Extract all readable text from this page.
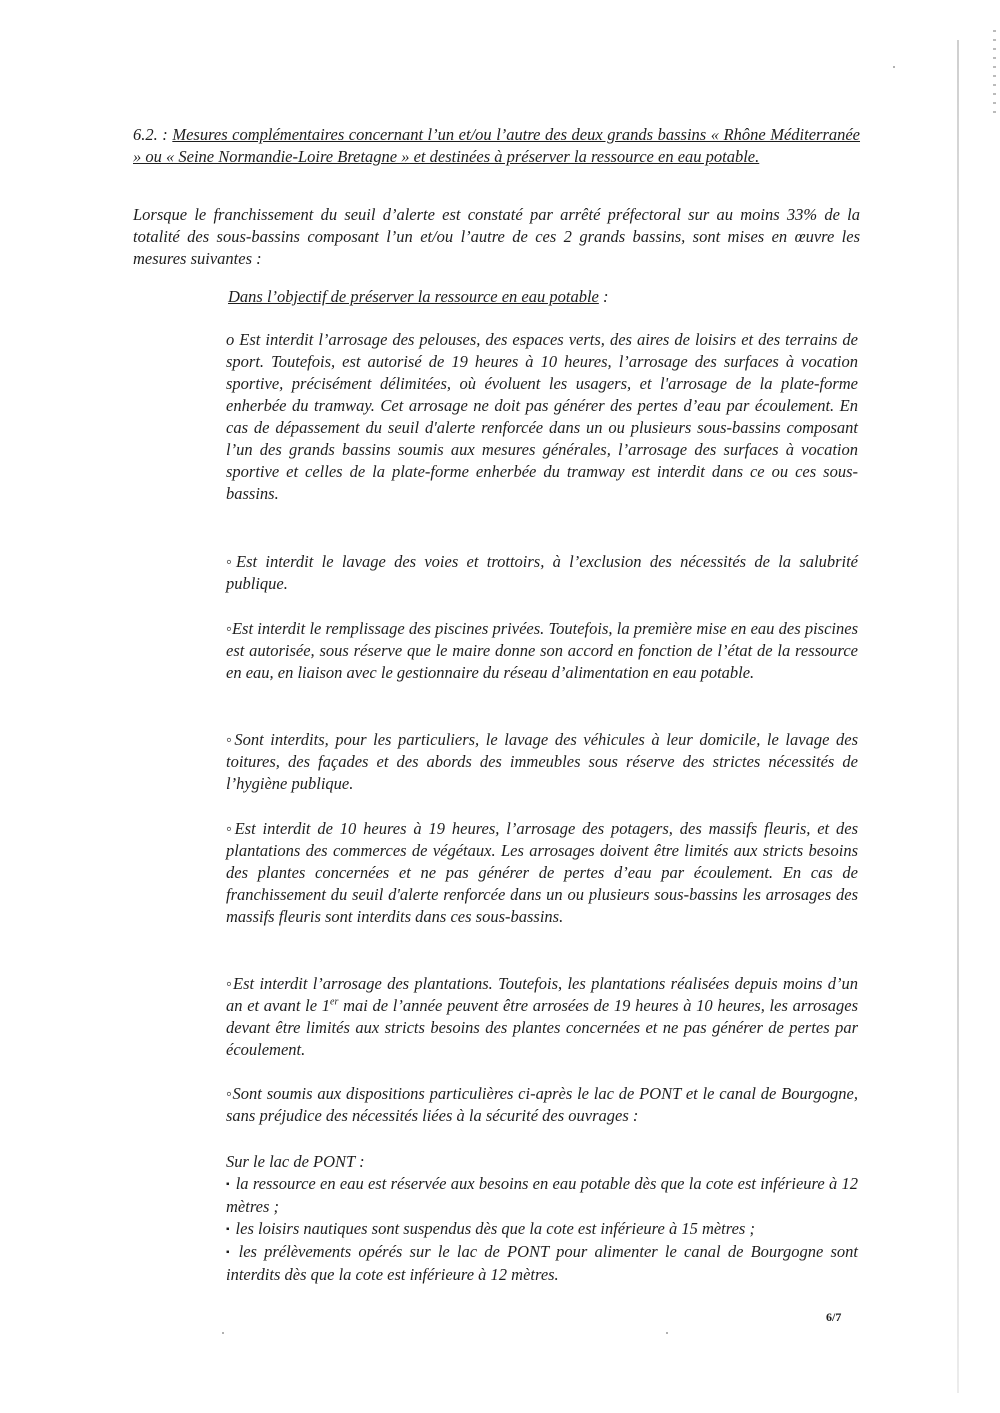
6.2. : Mesures complémentaires concernant l’un et/ou l’autre des deux grands bassins « Rhône Méditerranée » ou « Seine Normandie-Loire Bretagne » et destinées à préserver la ressource en eau potable.

Lorsque le franchissement du seuil d’alerte est constaté par arrêté préfectoral sur au moins 33% de la totalité des sous-bassins composant l’un et/ou l’autre de ces 2 grands bassins, sont mises en œuvre les mesures suivantes :

Dans l’objectif de préserver la ressource en eau potable :

o Est interdit l’arrosage des pelouses, des espaces verts, des aires de loisirs et des terrains de sport. Toutefois, est autorisé de 19 heures à 10 heures, l’arrosage des surfaces à vocation sportive, précisément délimitées, où évoluent les usagers, et l'arrosage de la plate-forme enherbée du tramway. Cet arrosage ne doit pas générer des pertes d’eau par écoulement. En cas de dépassement du seuil d'alerte renforcée dans un ou plusieurs sous-bassins composant l’un des grands bassins soumis aux mesures générales, l’arrosage des surfaces à vocation sportive et celles de la plate-forme enherbée du tramway est interdit dans ce ou ces sous-bassins.

◦Est interdit le lavage des voies et trottoirs, à l’exclusion des nécessités de la salubrité publique.

◦Est interdit le remplissage des piscines privées. Toutefois, la première mise en eau des piscines est autorisée, sous réserve que le maire donne son accord en fonction de l’état de la ressource en eau, en liaison avec le gestionnaire du réseau d’alimentation en eau potable.

◦Sont interdits, pour les particuliers, le lavage des véhicules à leur domicile, le lavage des toitures, des façades et des abords des immeubles sous réserve des strictes nécessités de l’hygiène publique.

◦Est interdit de 10 heures à 19 heures, l’arrosage des potagers, des massifs fleuris, et des plantations des commerces de végétaux. Les arrosages doivent être limités aux stricts besoins des plantes concernées et ne pas générer de pertes d’eau par écoulement. En cas de franchissement du seuil d'alerte renforcée dans un ou plusieurs sous-bassins les arrosages des massifs fleuris sont interdits dans ces sous-bassins.

◦Est interdit l’arrosage des plantations. Toutefois, les plantations réalisées depuis moins d’un an et avant le 1er mai de l’année peuvent être arrosées de 19 heures à 10 heures, les arrosages devant être limités aux stricts besoins des plantes concernées et ne pas générer de pertes par écoulement.

◦Sont soumis aux dispositions particulières ci-après le lac de PONT et le canal de Bourgogne, sans préjudice des nécessités liées à la sécurité des ouvrages :

Sur le lac de PONT :
▪ la ressource en eau est réservée aux besoins en eau potable dès que la cote est inférieure à 12 mètres ;
▪ les loisirs nautiques sont suspendus dès que la cote est inférieure à 15 mètres ;
▪ les prélèvements opérés sur le lac de PONT pour alimenter le canal de Bourgogne sont interdits dès que la cote est inférieure à 12 mètres.

6/7
